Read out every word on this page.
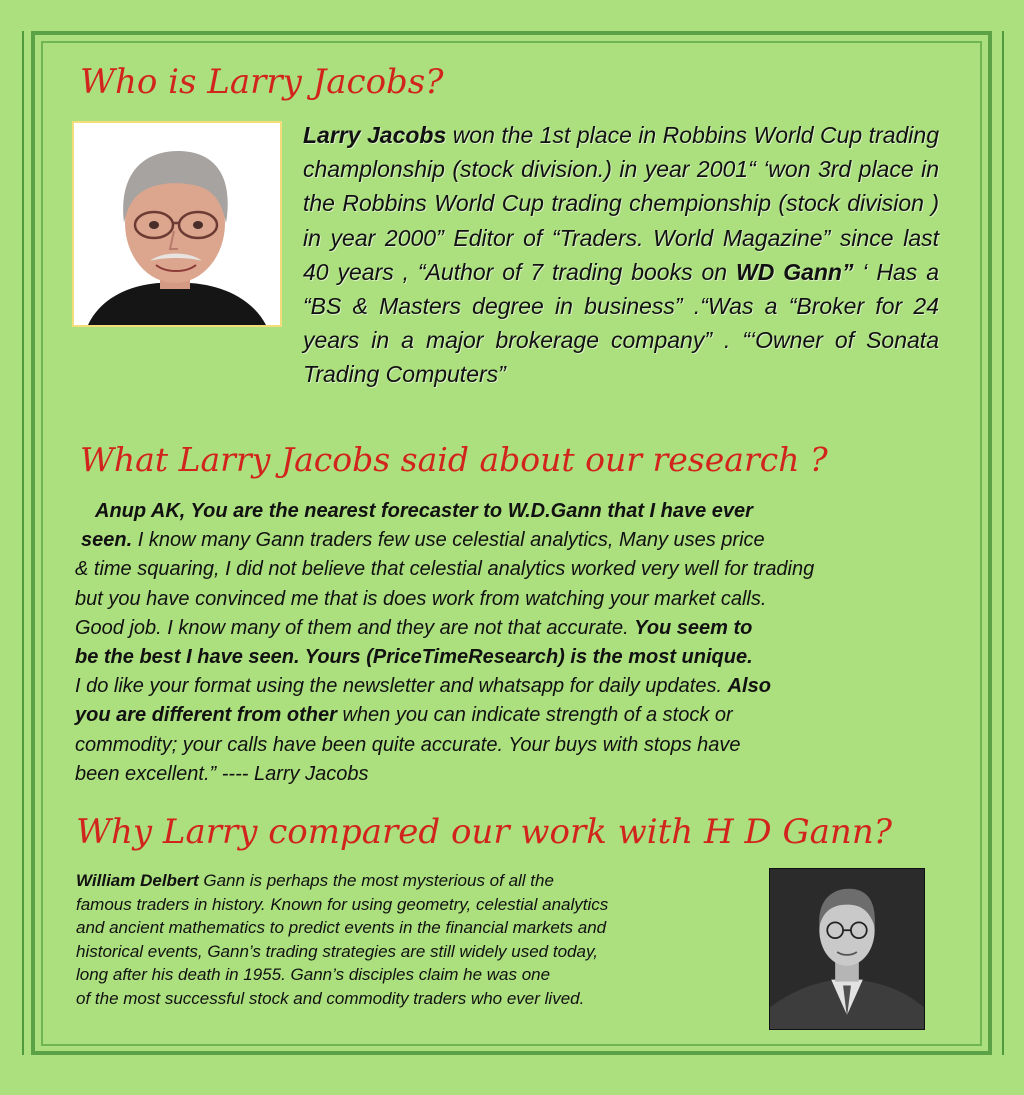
Who is Larry Jacobs?

Larry Jacobs won the 1st place in Robbins World Cup trading champlonship (stock division.) in year 2001“ ‘won 3rd place in the Robbins World Cup trading chempionship (stock division ) in year 2000” Editor of “Traders. World Magazine” since last 40 years , “Author of 7 trading books on WD Gann” ‘ Has a “BS & Masters degree in business” .“Was a “Broker for 24 years in a major brokerage company” . “‘Owner of Sonata Trading Computers”

What Larry Jacobs said about our research ?
Anup AK, You are the nearest forecaster to W.D.Gann that I have ever
seen. I know many Gann traders few use celestial analytics, Many uses price
& time squaring, I did not believe that celestial analytics worked very well for trading
but you have convinced me that is does work from watching your market calls.
Good job. I know many of them and they are not that accurate. You seem to
be the best I have seen. Yours (PriceTimeResearch) is the most unique.
I do like your format using the newsletter and whatsapp for daily updates. Also
you are different from other when you can indicate strength of a stock or
commodity; your calls have been quite accurate. Your buys with stops have
been excellent.” ---- Larry Jacobs
Why Larry compared our work with H D Gann?
William Delbert Gann is perhaps the most mysterious of all the
famous traders in history. Known for using geometry, celestial analytics
and ancient mathematics to predict events in the financial markets and
historical events, Gann’s trading strategies are still widely used today,
long after his death in 1955. Gann’s disciples claim he was one
of the most successful stock and commodity traders who ever lived.
